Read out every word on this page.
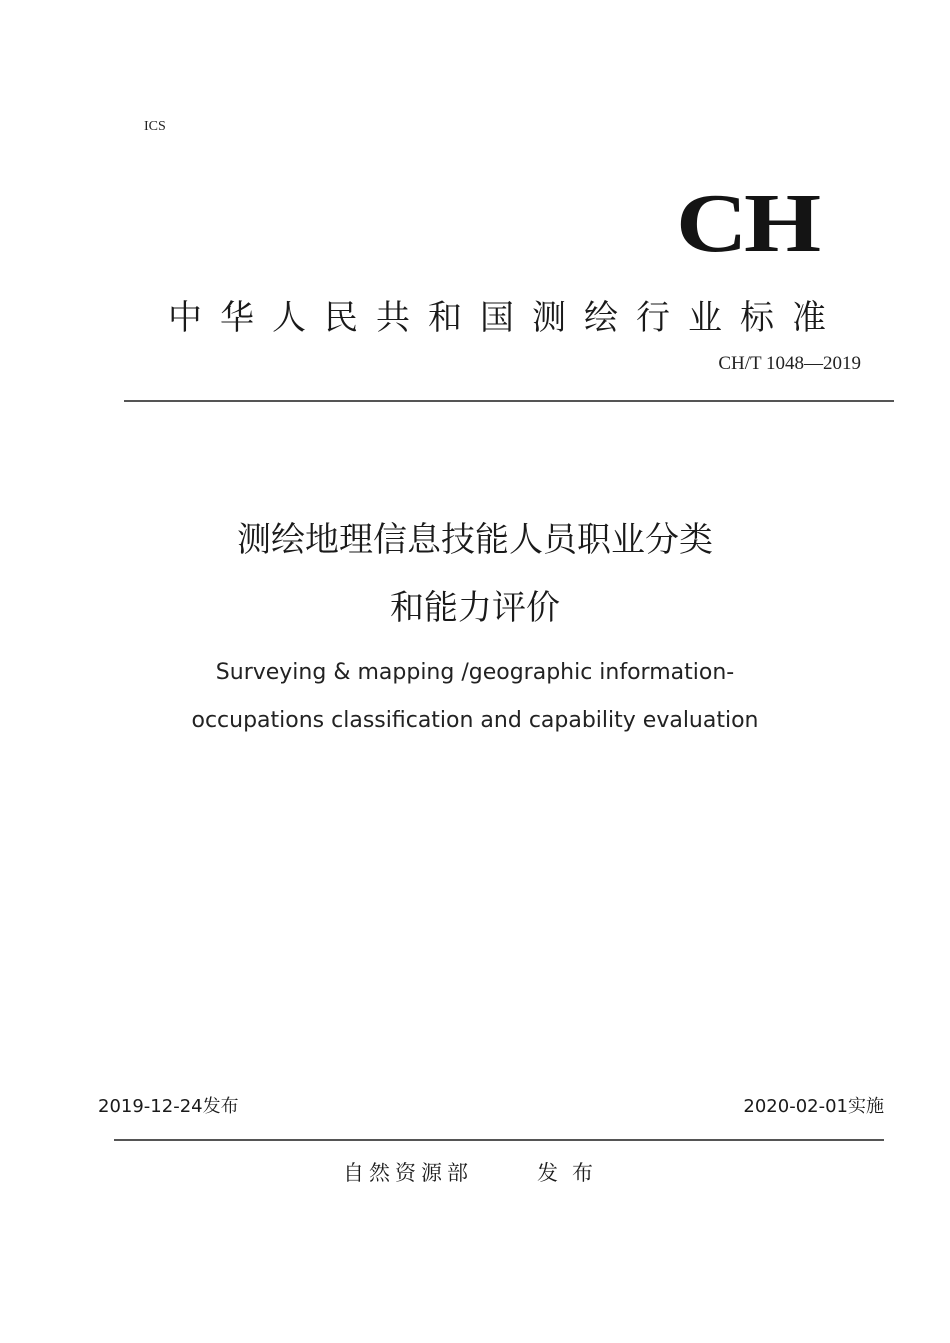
ICS
CH
中华人民共和国测绘行业标准
CH/T 1048—2019
测绘地理信息技能人员职业分类
和能力评价
Surveying & mapping /geographic information-
occupations classification and capability evaluation
2019-12-24发布	2020-02-01实施
自然资源部	发布
